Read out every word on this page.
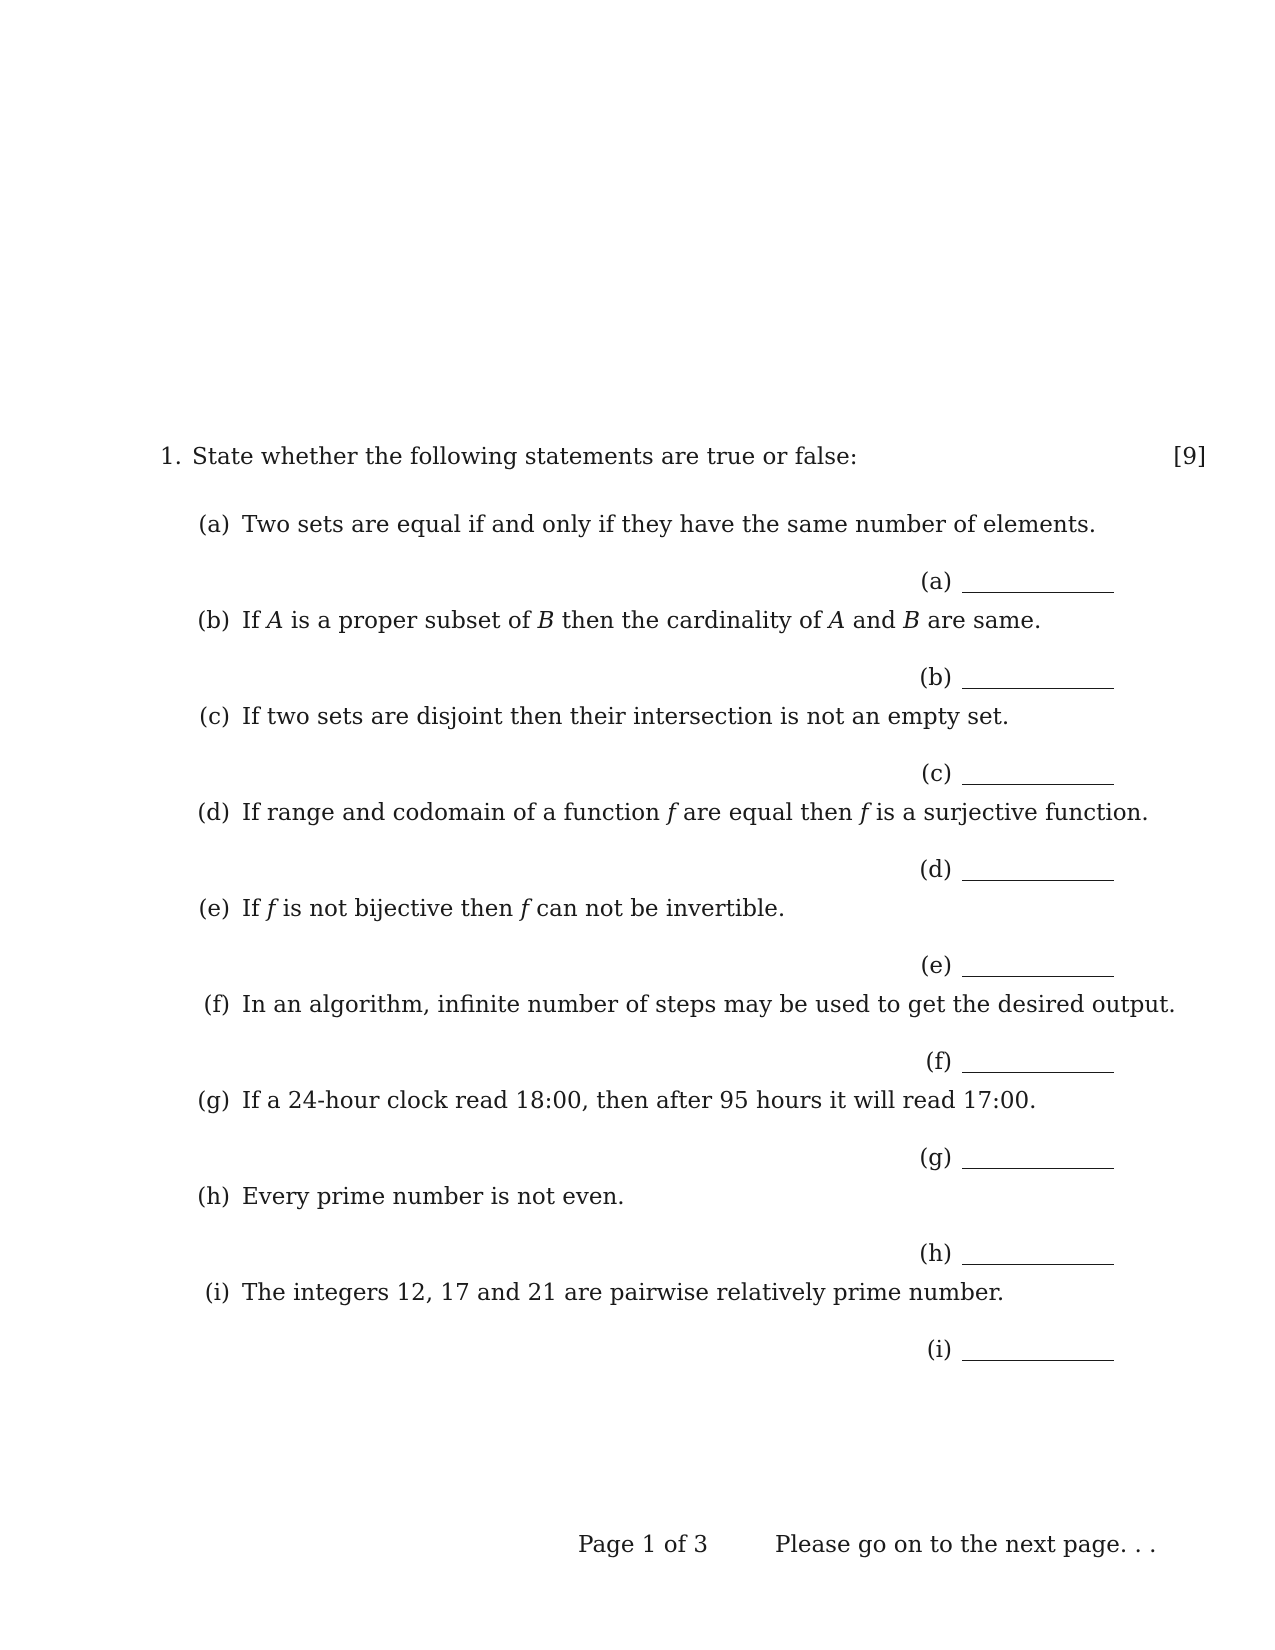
1. State whether the following statements are true or false:	[9]
(a) Two sets are equal if and only if they have the same number of elements.
(a)
(b) If A is a proper subset of B then the cardinality of A and B are same.
(b)
(c) If two sets are disjoint then their intersection is not an empty set.
(c)
(d) If range and codomain of a function f are equal then f is a surjective function.
(d)
(e) If f is not bijective then f can not be invertible.
(e)
(f) In an algorithm, infinite number of steps may be used to get the desired output.
(f)
(g) If a 24-hour clock read 18:00, then after 95 hours it will read 17:00.
(g)
(h) Every prime number is not even.
(h)
(i) The integers 12, 17 and 21 are pairwise relatively prime number.
(i)
Page 1 of 3	Please go on to the next page. . .
